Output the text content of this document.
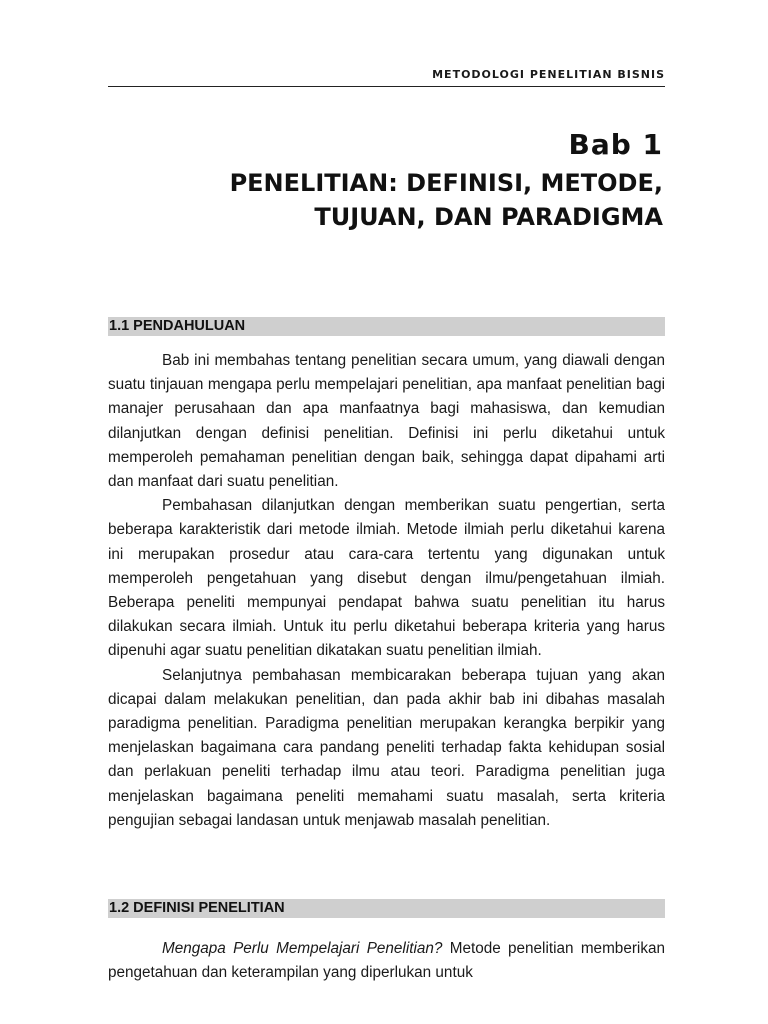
METODOLOGI PENELITIAN BISNIS
Bab 1
PENELITIAN: DEFINISI, METODE,
TUJUAN, DAN PARADIGMA
1.1 PENDAHULUAN

Bab ini membahas tentang penelitian secara umum, yang diawali dengan suatu tinjauan mengapa perlu mempelajari penelitian, apa manfaat penelitian bagi manajer perusahaan dan apa manfaatnya bagi mahasiswa, dan kemudian dilanjutkan dengan definisi penelitian. Definisi ini perlu diketahui untuk memperoleh pemahaman penelitian dengan baik, sehingga dapat dipahami arti dan manfaat dari suatu penelitian.

Pembahasan dilanjutkan dengan memberikan suatu pengertian, serta beberapa karakteristik dari metode ilmiah. Metode ilmiah perlu diketahui karena ini merupakan prosedur atau cara-cara tertentu yang digunakan untuk memperoleh pengetahuan yang disebut dengan ilmu/pengetahuan ilmiah. Beberapa peneliti mempunyai pendapat bahwa suatu penelitian itu harus dilakukan secara ilmiah. Untuk itu perlu diketahui beberapa kriteria yang harus dipenuhi agar suatu penelitian dikatakan suatu penelitian ilmiah.

Selanjutnya pembahasan membicarakan beberapa tujuan yang akan dicapai dalam melakukan penelitian, dan pada akhir bab ini dibahas masalah paradigma penelitian. Paradigma penelitian merupakan kerangka berpikir yang menjelaskan bagaimana cara pandang peneliti terhadap fakta kehidupan sosial dan perlakuan peneliti terhadap ilmu atau teori. Paradigma penelitian juga menjelaskan bagaimana peneliti memahami suatu masalah, serta kriteria pengujian sebagai landasan untuk menjawab masalah penelitian.

1.2 DEFINISI PENELITIAN

Mengapa Perlu Mempelajari Penelitian? Metode penelitian memberikan pengetahuan dan keterampilan yang diperlukan untuk
